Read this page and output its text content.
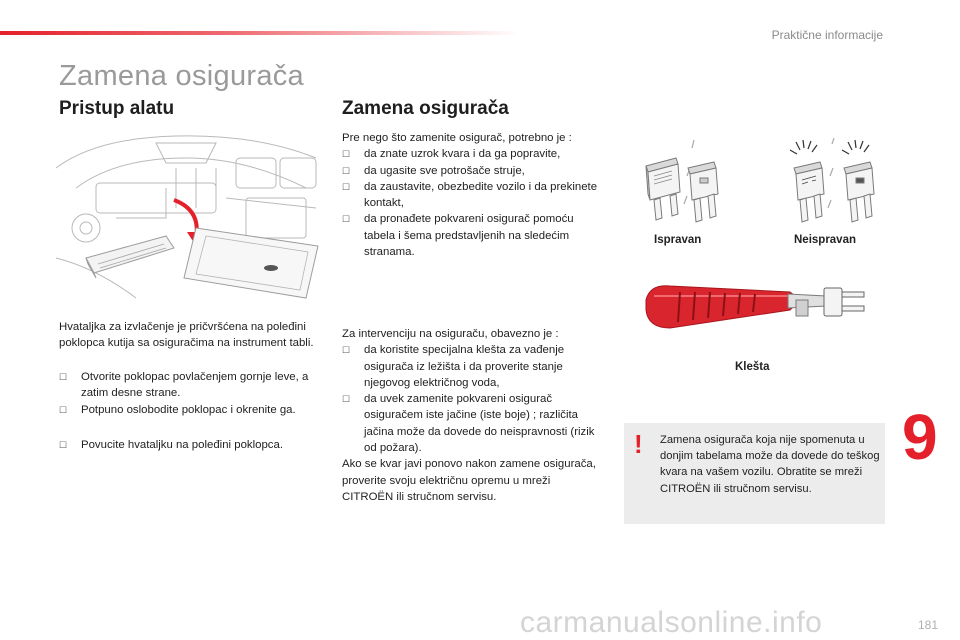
Praktične informacije
Zamena osigurača
Pristup alatu
Hvataljka za izvlačenje je pričvršćena na poleđini poklopca kutija sa osiguračima na instrument tabli.
☐ Otvorite poklopac povlačenjem gornje leve, a zatim desne strane.
☐ Potpuno oslobodite poklopac i okrenite ga.
☐ Povucite hvataljku na poleđini poklopca.
Zamena osigurača

Pre nego što zamenite osigurač, potrebno je :

☐ da znate uzrok kvara i da ga popravite,
☐ da ugasite sve potrošače struje,
☐ da zaustavite, obezbedite vozilo i da prekinete kontakt,
☐ da pronađete pokvareni osigurač pomoću tabela i šema predstavljenih na sledećim stranama.

Za intervenciju na osiguraču, obavezno je :

☐ da koristite specijalna klešta za vađenje osigurača iz ležišta i da proverite stanje njegovog električnog voda,
☐ da uvek zamenite pokvareni osigurač osiguračem iste jačine (iste boje) ; različita jačina može da dovede do neispravnosti (rizik od požara).

Ako se kvar javi ponovo nakon zamene osigurača, proverite svoju električnu opremu u mreži CITROËN ili stručnom servisu.

Ispravan	Neispravan
Klešta
! Zamena osigurača koja nije spomenuta u donjim tabelama može da dovede do teškog kvara na vašem vozilu. Obratite se mreži CITROËN ili stručnom servisu.
9
carmanualsonline.info	181
